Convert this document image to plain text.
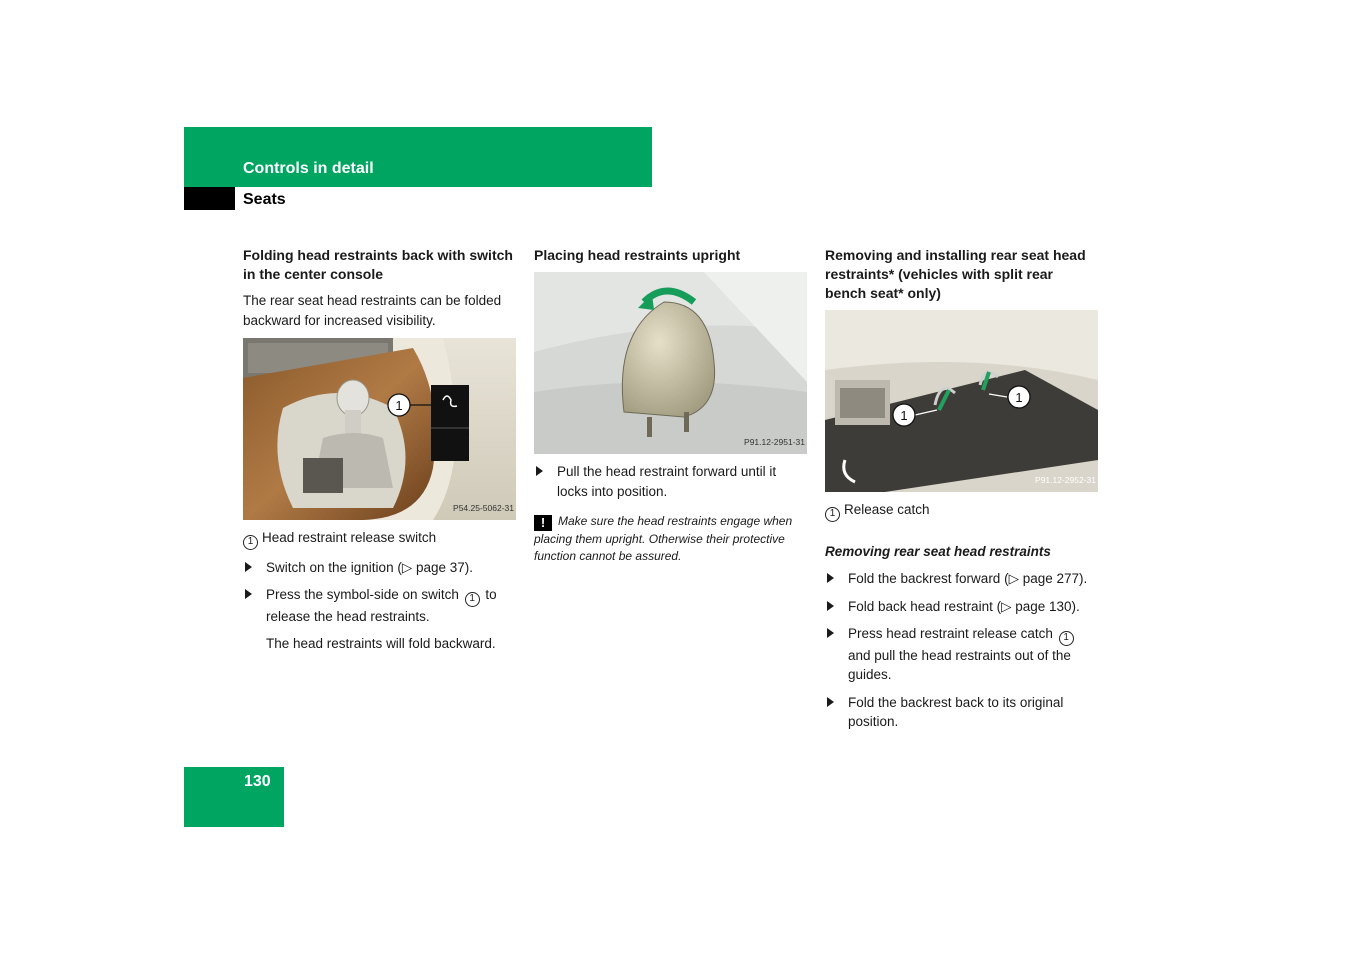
Controls in detail
Seats
Folding head restraints back with switch in the center console

The rear seat head restraints can be folded backward for increased visibility.

1
P54.25-5062-31
1 Head restraint release switch
Switch on the ignition (▷ page 37).
Press the symbol-side on switch 1 to release the head restraints.

The head restraints will fold backward.

Placing head restraints upright
P91.12-2951-31
Pull the head restraint forward until it locks into position.

! Make sure the head restraints engage when placing them upright. Otherwise their protective function cannot be assured.

Removing and installing rear seat head restraints* (vehicles with split rear bench seat* only)
1
1
P91.12-2952-31
1 Release catch

Removing rear seat head restraints

Fold the backrest forward (▷ page 277).
Fold back head restraint (▷ page 130).
Press head restraint release catch 1 and pull the head restraints out of the guides.
Fold the backrest back to its original position.
130
